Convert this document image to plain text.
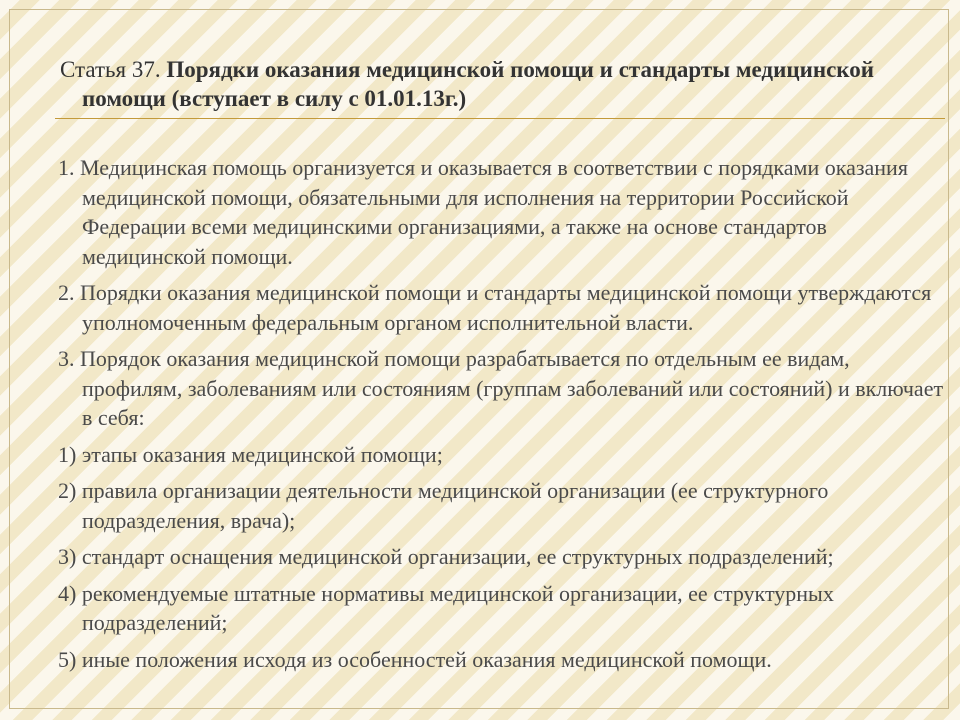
Статья 37. Порядки оказания медицинской помощи и стандарты медицинской помощи (вступает в силу с 01.01.13г.)
1. Медицинская помощь организуется и оказывается в соответствии с порядками оказания медицинской помощи, обязательными для исполнения на территории Российской Федерации всеми медицинскими организациями, а также на основе стандартов медицинской помощи.
2. Порядки оказания медицинской помощи и стандарты медицинской помощи утверждаются уполномоченным федеральным органом исполнительной власти.
3. Порядок оказания медицинской помощи разрабатывается по отдельным ее видам, профилям, заболеваниям или состояниям (группам заболеваний или состояний) и включает в себя:
1) этапы оказания медицинской помощи;
2) правила организации деятельности медицинской организации (ее структурного подразделения, врача);
3) стандарт оснащения медицинской организации, ее структурных подразделений;
4) рекомендуемые штатные нормативы медицинской организации, ее структурных подразделений;
5) иные положения исходя из особенностей оказания медицинской помощи.
